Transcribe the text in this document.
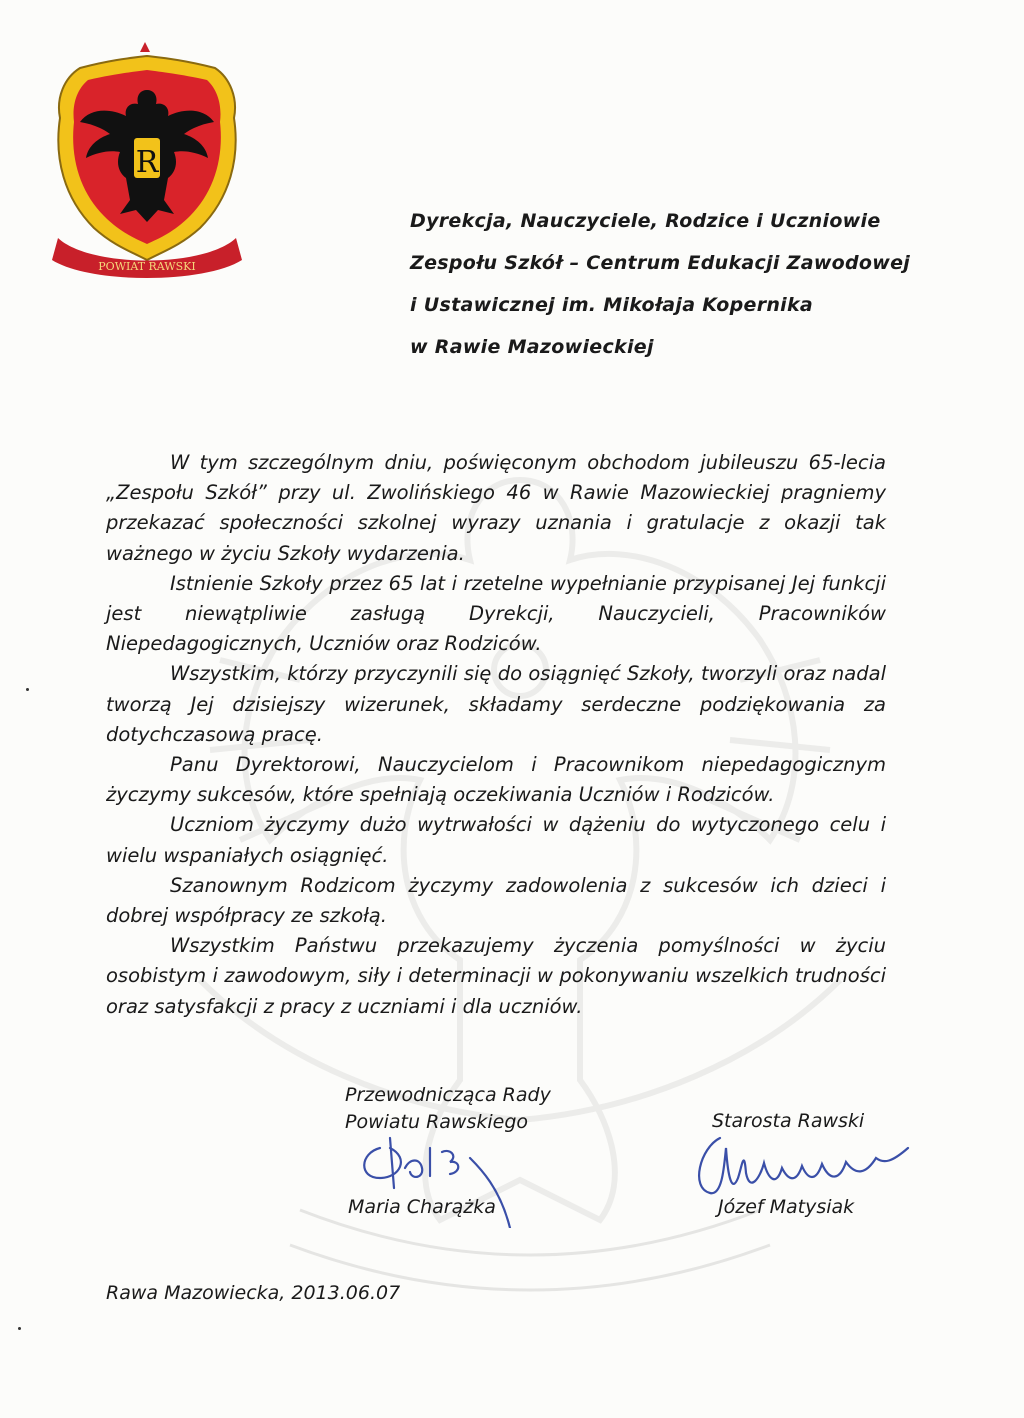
R
POWIAT RAWSKI
Dyrekcja, Nauczyciele, Rodzice i Uczniowie
Zespołu Szkół – Centrum Edukacji Zawodowej
i Ustawicznej im. Mikołaja Kopernika
w Rawie Mazowieckiej

W tym szczególnym dniu, poświęconym obchodom jubileuszu 65-lecia „Zespołu Szkół” przy ul. Zwolińskiego 46 w Rawie Mazowieckiej pragniemy przekazać społeczności szkolnej wyrazy uznania i gratulacje z okazji tak ważnego w życiu Szkoły wydarzenia.

Istnienie Szkoły przez 65 lat i rzetelne wypełnianie przypisanej Jej funkcji jest niewątpliwie zasługą Dyrekcji, Nauczycieli, Pracowników Niepedagogicznych, Uczniów oraz Rodziców.

Wszystkim, którzy przyczynili się do osiągnięć Szkoły, tworzyli oraz nadal tworzą Jej dzisiejszy wizerunek, składamy serdeczne podziękowania za dotychczasową pracę.

Panu Dyrektorowi, Nauczycielom i Pracownikom niepedagogicznym życzymy sukcesów, które spełniają oczekiwania Uczniów i Rodziców.

Uczniom życzymy dużo wytrwałości w dążeniu do wytyczonego celu i wielu wspaniałych osiągnięć.

Szanownym Rodzicom życzymy zadowolenia z sukcesów ich dzieci i dobrej współpracy ze szkołą.

Wszystkim Państwu przekazujemy życzenia pomyślności w życiu osobistym i zawodowym, siły i determinacji w pokonywaniu wszelkich trudności oraz satysfakcji z pracy z uczniami i dla uczniów.

Przewodnicząca Rady
Powiatu Rawskiego
Maria Charążka
Starosta Rawski
Józef Matysiak
Rawa Mazowiecka, 2013.06.07
